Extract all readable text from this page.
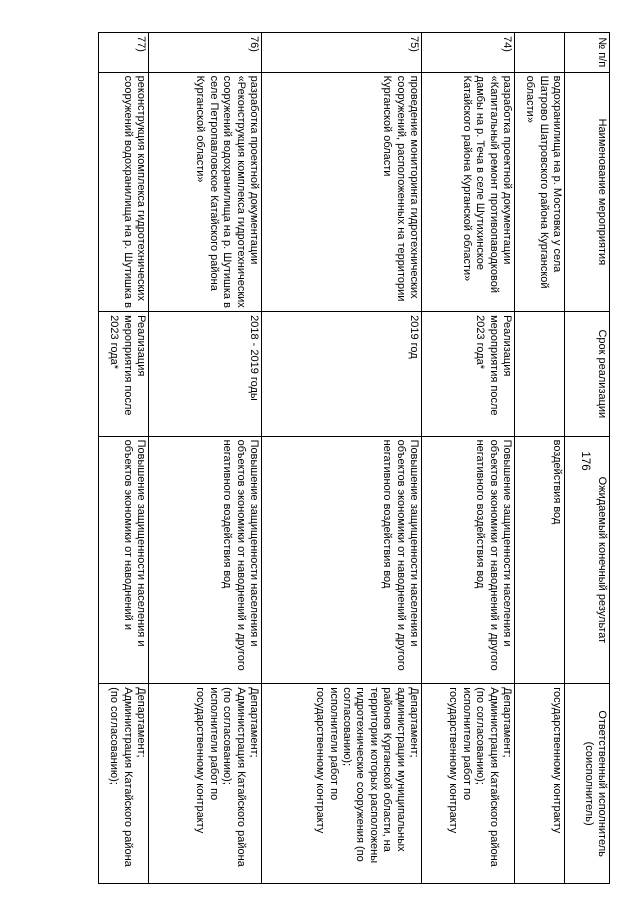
176
№ п/п	Наименование мероприятия	Срок реализации	Ожидаемый конечный результат	Ответственный исполнитель (соисполнитель)
	водохранилища на р. Мостовка у села Шатрово Шатровского района Курганской области»		воздействия вод	государственному контракту
74)	разработка проектной документации «Капитальный ремонт противопаводковой дамбы на р. Теча в селе Шутихинское Катайского района Курганской области»	Реализация мероприятия после 2023 года*	Повышение защищенности населения и объектов экономики от наводнений и другого негативного воздействия вод	Департамент;
Администрация Катайского района (по согласованию);
исполнители работ по государственному контракту
75)	проведение мониторинга гидротехнических сооружений, расположенных на территории Курганской области	2019 год	Повышение защищенности населения и объектов экономики от наводнений и другого негативного воздействия вод	Департамент;
администрации муниципальных районов Курганской области, на территории которых расположены гидротехнические сооружения (по согласованию);
исполнители работ по государственному контракту
76)	разработка проектной документации «Реконструкция комплекса гидротехнических сооружений водохранилища на р. Шутишка в селе Петропавловское Катайского района Курганской области»	2018 - 2019 годы	Повышение защищенности населения и объектов экономики от наводнений и другого негативного воздействия вод	Департамент;
Администрация Катайского района (по согласованию);
исполнители работ по государственному контракту
77)	реконструкция комплекса гидротехнических сооружений водохранилища на р. Шутишка в	Реализация мероприятия после 2023 года*	Повышение защищенности населения и объектов экономики от наводнений и	Департамент;
Администрация Катайского района (по согласованию);
